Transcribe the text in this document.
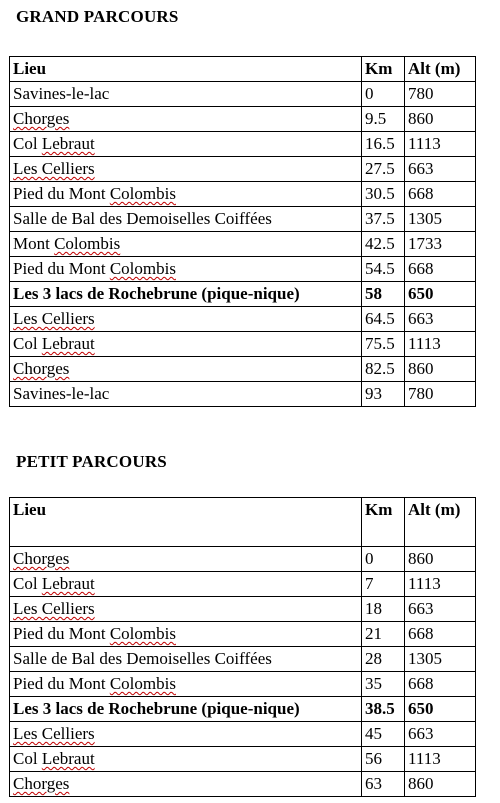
GRAND PARCOURS
Lieu	Km	Alt (m)
Savines-le-lac	0	780
Chorges	9.5	860
Col Lebraut	16.5	1113
Les Celliers	27.5	663
Pied du Mont Colombis	30.5	668
Salle de Bal des Demoiselles Coiffées	37.5	1305
Mont Colombis	42.5	1733
Pied du Mont Colombis	54.5	668
Les 3 lacs de Rochebrune (pique-nique)	58	650
Les Celliers	64.5	663
Col Lebraut	75.5	1113
Chorges	82.5	860
Savines-le-lac	93	780
PETIT PARCOURS
Lieu	Km	Alt (m)
Chorges	0	860
Col Lebraut	7	1113
Les Celliers	18	663
Pied du Mont Colombis	21	668
Salle de Bal des Demoiselles Coiffées	28	1305
Pied du Mont Colombis	35	668
Les 3 lacs de Rochebrune (pique-nique)	38.5	650
Les Celliers	45	663
Col Lebraut	56	1113
Chorges	63	860
